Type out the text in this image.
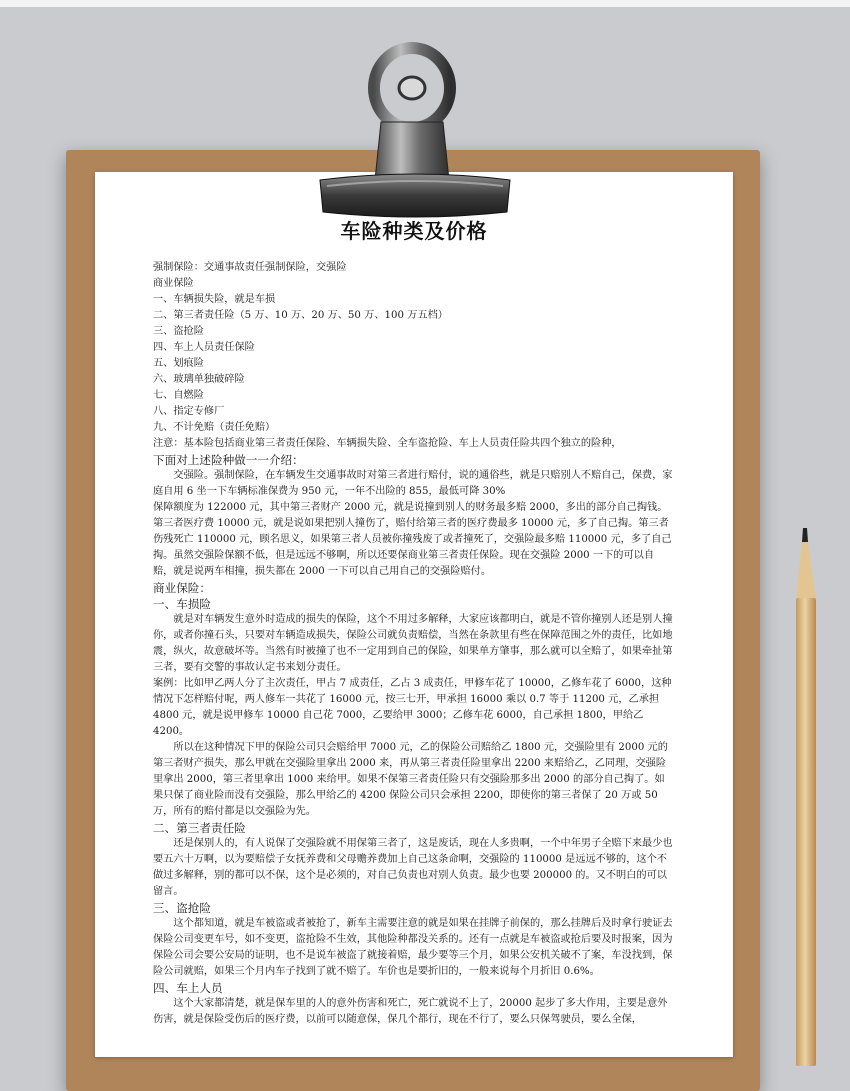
车险种类及价格

强制保险：交通事故责任强制保险，交强险

商业保险

一、车辆损失险，就是车损

二、第三者责任险（5 万、10 万、20 万、50 万、100 万五档）

三、盗抢险

四、车上人员责任保险

五、划痕险

六、玻璃单独破碎险

七、自燃险

八、指定专修厂

九、不计免赔（责任免赔）

注意：基本险包括商业第三者责任保险、车辆损失险、全车盗抢险、车上人员责任险共四个独立的险种，

下面对上述险种做一一介绍：

交强险。强制保险，在车辆发生交通事故时对第三者进行赔付，说的通俗些，就是只赔别人不赔自己，保费，家庭自用 6 坐一下车辆标准保费为 950 元，一年不出险的 855，最低可降 30%

保障额度为 122000 元，其中第三者财产 2000 元，就是说撞到别人的财务最多赔 2000，多出的部分自己掏钱。第三者医疗费 10000 元，就是说如果把别人撞伤了，赔付给第三者的医疗费最多 10000 元，多了自己掏。第三者伤残死亡 110000 元，顾名思义，如果第三者人员被你撞残废了或者撞死了，交强险最多赔 110000 元，多了自己掏。虽然交强险保额不低，但是远远不够啊，所以还要保商业第三者责任保险。现在交强险 2000 一下的可以自赔，就是说两车相撞，损失都在 2000 一下可以自己用自己的交强险赔付。

商业保险：

一、车损险

就是对车辆发生意外时造成的损失的保险，这个不用过多解释，大家应该都明白，就是不管你撞别人还是别人撞你，或者你撞石头，只要对车辆造成损失，保险公司就负责赔偿，当然在条款里有些在保障范围之外的责任，比如地震，纵火，故意破坏等。当然有时被撞了也不一定用到自己的保险，如果单方肇事，那么就可以全赔了，如果牵扯第三者，要有交警的事故认定书来划分责任。

案例：比如甲乙两人分了主次责任，甲占 7 成责任，乙占 3 成责任，甲修车花了 10000，乙修车花了 6000，这种情况下怎样赔付呢，两人修车一共花了 16000 元，按三七开，甲承担 16000 乘以 0.7 等于 11200 元，乙承担 4800 元，就是说甲修车 10000 自己花 7000，乙要给甲 3000；乙修车花 6000，自己承担 1800，甲给乙 4200。

所以在这种情况下甲的保险公司只会赔给甲 7000 元，乙的保险公司赔给乙 1800 元，交强险里有 2000 元的第三者财产损失，那么甲就在交强险里拿出 2000 来，再从第三者责任险里拿出 2200 来赔给乙，乙同理，交强险里拿出 2000，第三者里拿出 1000 来给甲。如果不保第三者责任险只有交强险那多出 2000 的部分自己掏了。如果只保了商业险而没有交强险，那么甲给乙的 4200 保险公司只会承担 2200，即使你的第三者保了 20 万或 50 万，所有的赔付都是以交强险为先。

二、第三者责任险

还是保别人的，有人说保了交强险就不用保第三者了，这是废话，现在人多贵啊，一个中年男子全赔下来最少也要五六十万啊，以为要赔偿子女抚养费和父母赡养费加上自己这条命啊，交强险的 110000 是远远不够的，这个不做过多解释，别的都可以不保，这个是必须的，对自己负责也对别人负责。最少也要 200000 的。又不明白的可以留言。

三、盗抢险

这个都知道，就是车被盗或者被抢了，新车主需要注意的就是如果在挂牌子前保的，那么挂牌后及时拿行驶证去保险公司变更车号，如不变更，盗抢险不生效，其他险种都没关系的。还有一点就是车被盗或抢后要及时报案，因为保险公司会要公安局的证明，也不是说车被盗了就接着赔，最少要等三个月，如果公安机关破不了案，车没找到，保险公司就赔，如果三个月内车子找到了就不赔了。车价也是要折旧的，一般来说每个月折旧 0.6%。

四、车上人员

这个大家都清楚，就是保车里的人的意外伤害和死亡，死亡就说不上了，20000 起步了多大作用，主要是意外伤害，就是保险受伤后的医疗费，以前可以随意保，保几个都行，现在不行了，要么只保驾驶员，要么全保，
